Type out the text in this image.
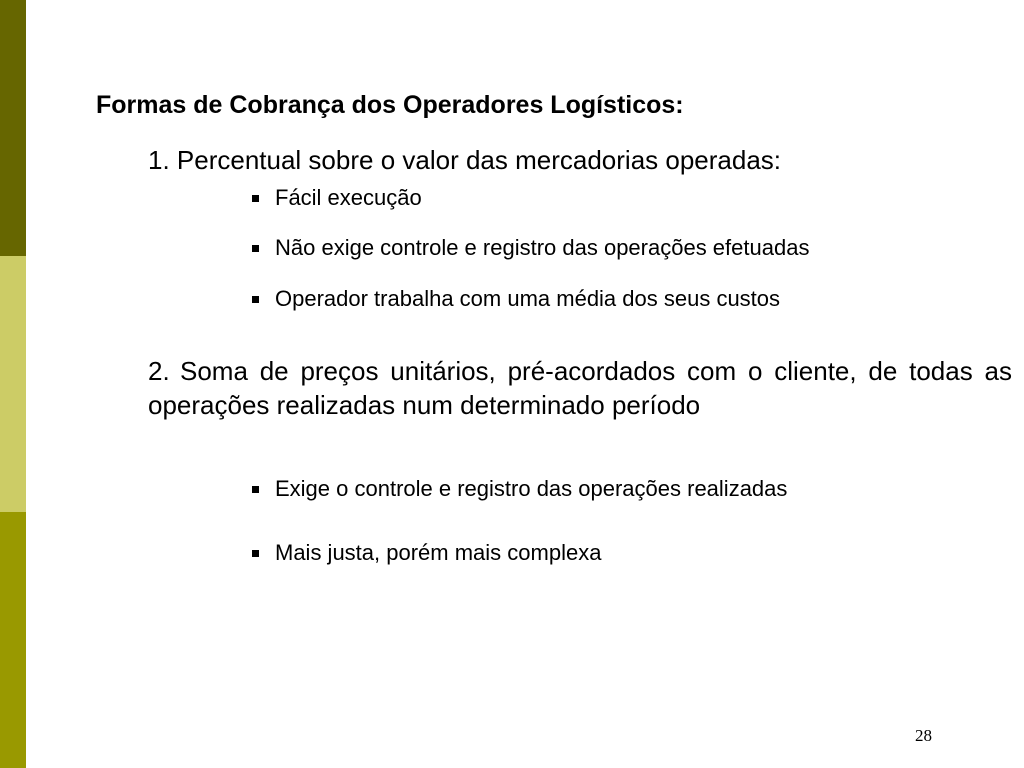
Formas de Cobrança dos Operadores Logísticos:
1. Percentual sobre o valor das mercadorias operadas:
Fácil execução
Não exige controle e registro das operações efetuadas
Operador trabalha com uma média dos seus custos
2. Soma de preços unitários, pré-acordados com o cliente, de todas as operações realizadas num determinado período
Exige o controle e registro das operações realizadas
Mais justa, porém mais complexa
28
